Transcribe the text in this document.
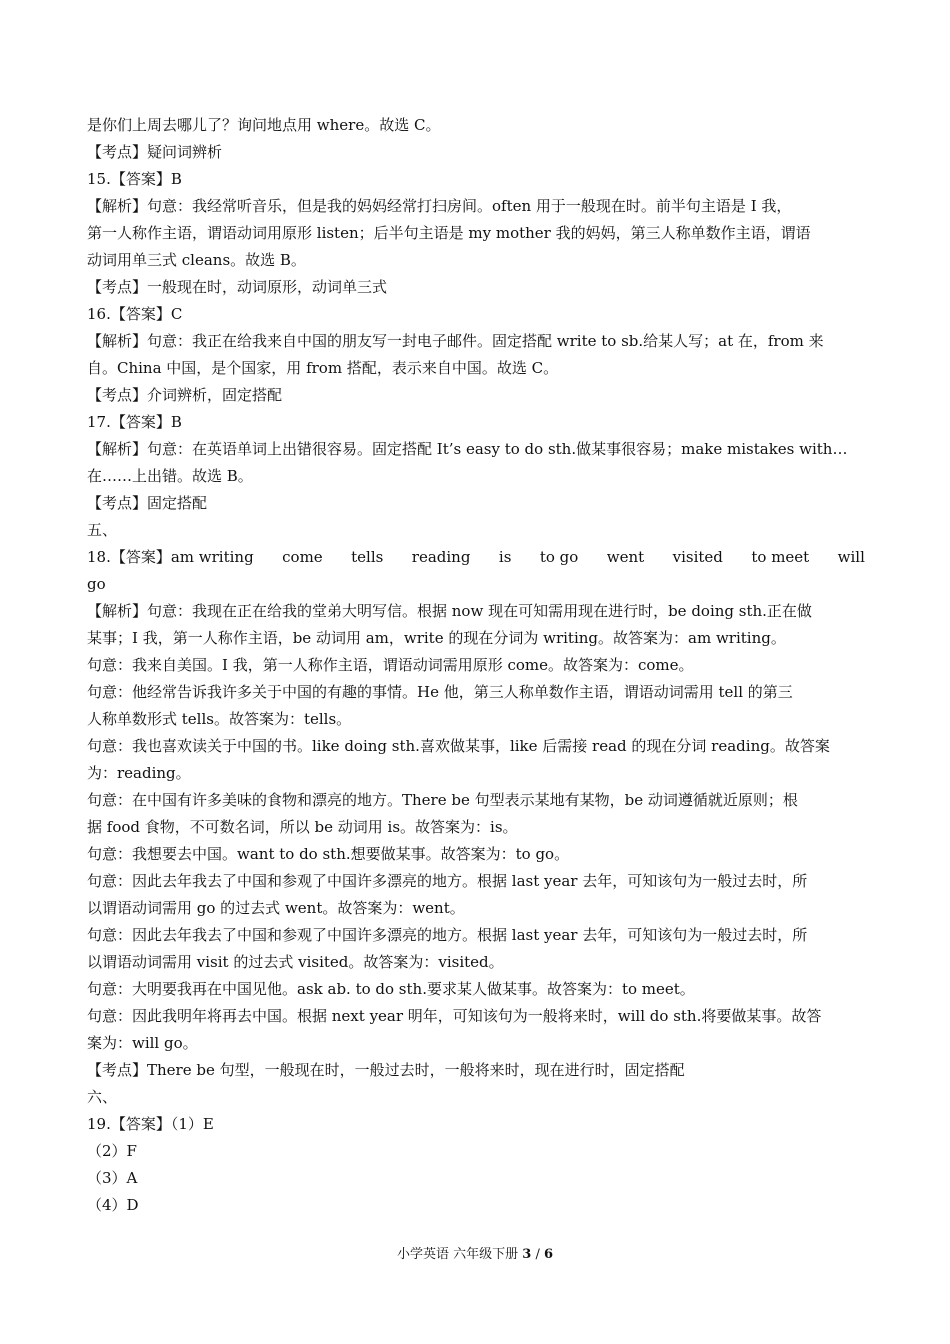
是你们上周去哪儿了？询问地点用 where。故选 C。
【考点】疑问词辨析
15.【答案】B
【解析】句意：我经常听音乐，但是我的妈妈经常打扫房间。often 用于一般现在时。前半句主语是 I 我，
第一人称作主语，谓语动词用原形 listen；后半句主语是 my mother 我的妈妈，第三人称单数作主语，谓语
动词用单三式 cleans。故选 B。
【考点】一般现在时，动词原形，动词单三式
16.【答案】C
【解析】句意：我正在给我来自中国的朋友写一封电子邮件。固定搭配 write to sb.给某人写；at 在，from 来
自。China 中国，是个国家，用 from 搭配，表示来自中国。故选 C。
【考点】介词辨析，固定搭配
17.【答案】B
【解析】句意：在英语单词上出错很容易。固定搭配 It’s easy to do sth.做某事很容易；make mistakes with…
在……上出错。故选 B。
【考点】固定搭配
五、
18.【答案】am writing come tells reading is to go went visited to meet will
go
【解析】句意：我现在正在给我的堂弟大明写信。根据 now 现在可知需用现在进行时，be doing sth.正在做
某事；I 我，第一人称作主语，be 动词用 am，write 的现在分词为 writing。故答案为：am writing。
句意：我来自美国。I 我，第一人称作主语，谓语动词需用原形 come。故答案为：come。
句意：他经常告诉我许多关于中国的有趣的事情。He 他，第三人称单数作主语，谓语动词需用 tell 的第三
人称单数形式 tells。故答案为：tells。
句意：我也喜欢读关于中国的书。like doing sth.喜欢做某事，like 后需接 read 的现在分词 reading。故答案
为：reading。
句意：在中国有许多美味的食物和漂亮的地方。There be 句型表示某地有某物，be 动词遵循就近原则；根
据 food 食物，不可数名词，所以 be 动词用 is。故答案为：is。
句意：我想要去中国。want to do sth.想要做某事。故答案为：to go。
句意：因此去年我去了中国和参观了中国许多漂亮的地方。根据 last year 去年，可知该句为一般过去时，所
以谓语动词需用 go 的过去式 went。故答案为：went。
句意：因此去年我去了中国和参观了中国许多漂亮的地方。根据 last year 去年，可知该句为一般过去时，所
以谓语动词需用 visit 的过去式 visited。故答案为：visited。
句意：大明要我再在中国见他。ask ab. to do sth.要求某人做某事。故答案为：to meet。
句意：因此我明年将再去中国。根据 next year 明年，可知该句为一般将来时，will do sth.将要做某事。故答
案为：will go。
【考点】There be 句型，一般现在时，一般过去时，一般将来时，现在进行时，固定搭配
六、
19.【答案】（1）E
（2）F
（3）A
（4）D
小学英语 六年级下册 3 / 6
